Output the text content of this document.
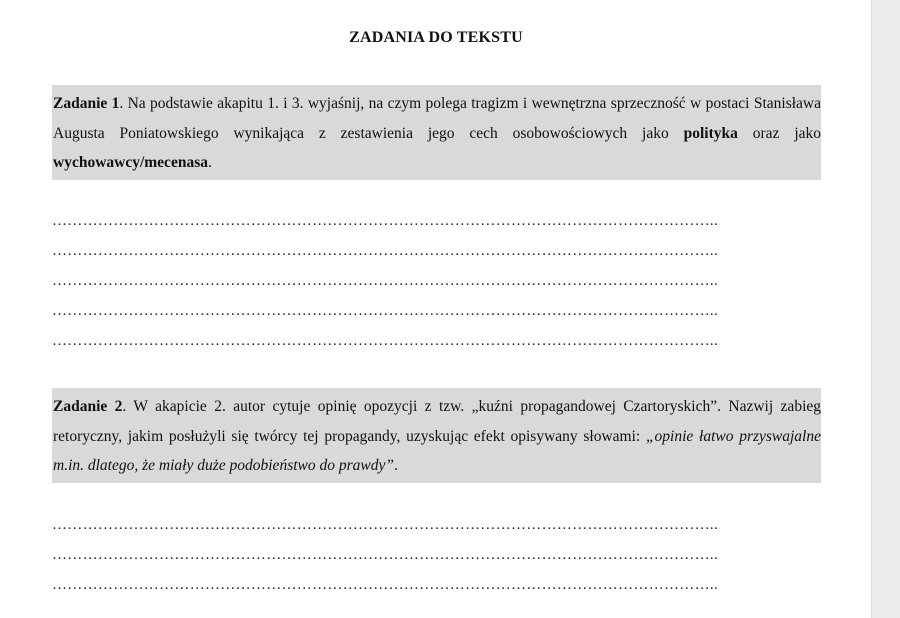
ZADANIA DO TEKSTU
Zadanie 1. Na podstawie akapitu 1. i 3. wyjaśnij, na czym polega tragizm i wewnętrzna sprzeczność w postaci Stanisława Augusta Poniatowskiego wynikająca z zestawienia jego cech osobowościowych jako polityka oraz jako wychowawcy/mecenasa.
…………………………………………………………………………………………………………………..
…………………………………………………………………………………………………………………..
…………………………………………………………………………………………………………………..
…………………………………………………………………………………………………………………..
…………………………………………………………………………………………………………………..
Zadanie 2. W akapicie 2. autor cytuje opinię opozycji z tzw. „kuźni propagandowej Czartoryskich”. Nazwij zabieg retoryczny, jakim posłużyli się twórcy tej propagandy, uzyskując efekt opisywany słowami: „opinie łatwo przyswajalne m.in. dlatego, że miały duże podobieństwo do prawdy”.
…………………………………………………………………………………………………………………..
…………………………………………………………………………………………………………………..
…………………………………………………………………………………………………………………..
